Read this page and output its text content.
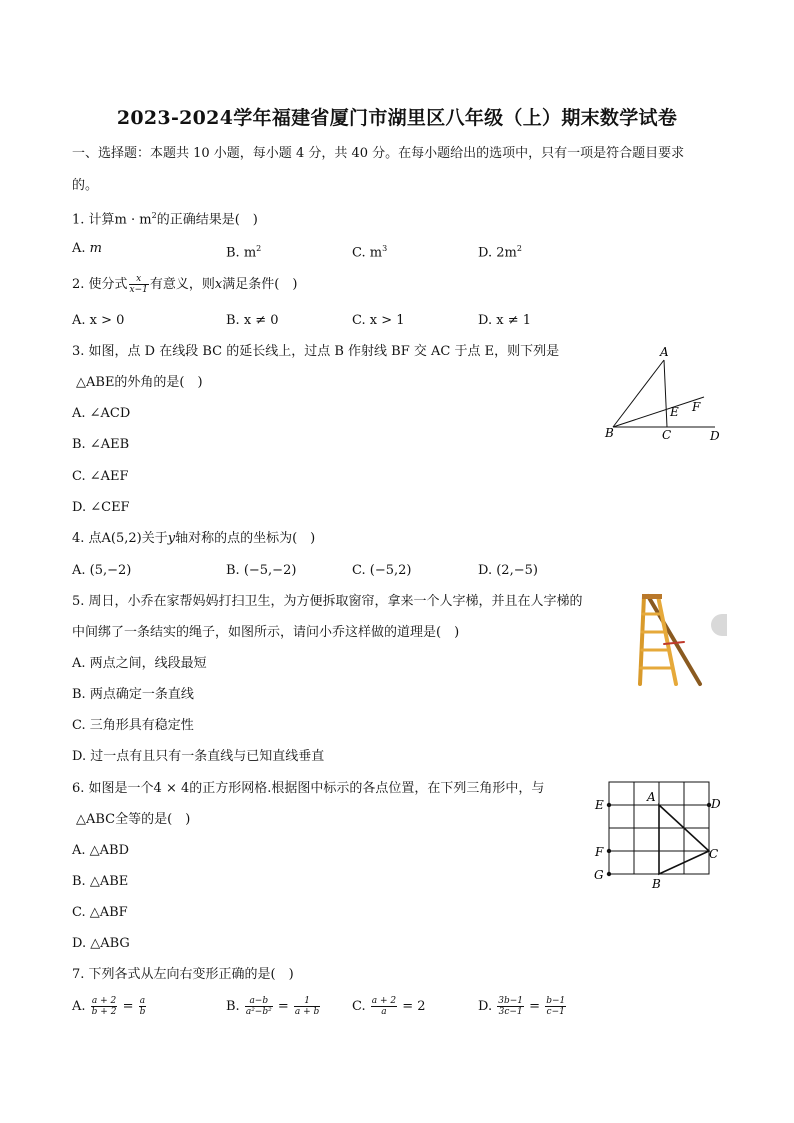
2023-2024学年福建省厦门市湖里区八年级（上）期末数学试卷
一、选择题：本题共 10 小题，每小题 4 分，共 40 分。在每小题给出的选项中，只有一项是符合题目要求
的。
1. 计算$m \cdot m^2$的正确结果是(　)
A. m	B. $m^2$	C. $m^3$	D. $2m^2$
2. 使分式 $\frac{x}{x-1}$ 有意义，则x满足条件(　)
A. x > 0	B. x ≠ 0	C. x > 1	D. x ≠ 1
3. 如图，点 D 在线段 BC 的延长线上，过点 B 作射线 BF 交 AC 于点 E，则下列是
△ABE的外角的是(　)
A. ∠ACD
B. ∠AEB
C. ∠AEF
D. ∠CEF
A
B	C	D
E F
4. 点A(5,2)关于y轴对称的点的坐标为(　)
A. (5,−2)	B. (−5,−2)	C. (−5,2)	D. (2,−5)
5. 周日，小乔在家帮妈妈打扫卫生，为方便拆取窗帘，拿来一个人字梯，并且在人字梯的
中间绑了一条结实的绳子，如图所示，请问小乔这样做的道理是(　)
A. 两点之间，线段最短
B. 两点确定一条直线
C. 三角形具有稳定性
D. 过一点有且只有一条直线与已知直线垂直
6. 如图是一个4 × 4的正方形网格.根据图中标示的各点位置，在下列三角形中，与
△ABC全等的是(　)
A. △ABD
B. △ABE
C. △ABF
D. △ABG
A
B
C
D
E
F
G
7. 下列各式从左向右变形正确的是(　)
A. $\frac{a + 2}{b + 2} = \frac{a}{b}$	B. $\frac{a-b}{\text{a²−b²}} = \frac{1}{a + b} C$. $\frac{a + 2}{a} = 2$	D. $\frac{3b-1}{3c-1} = \frac{b-1}{c-1}$
